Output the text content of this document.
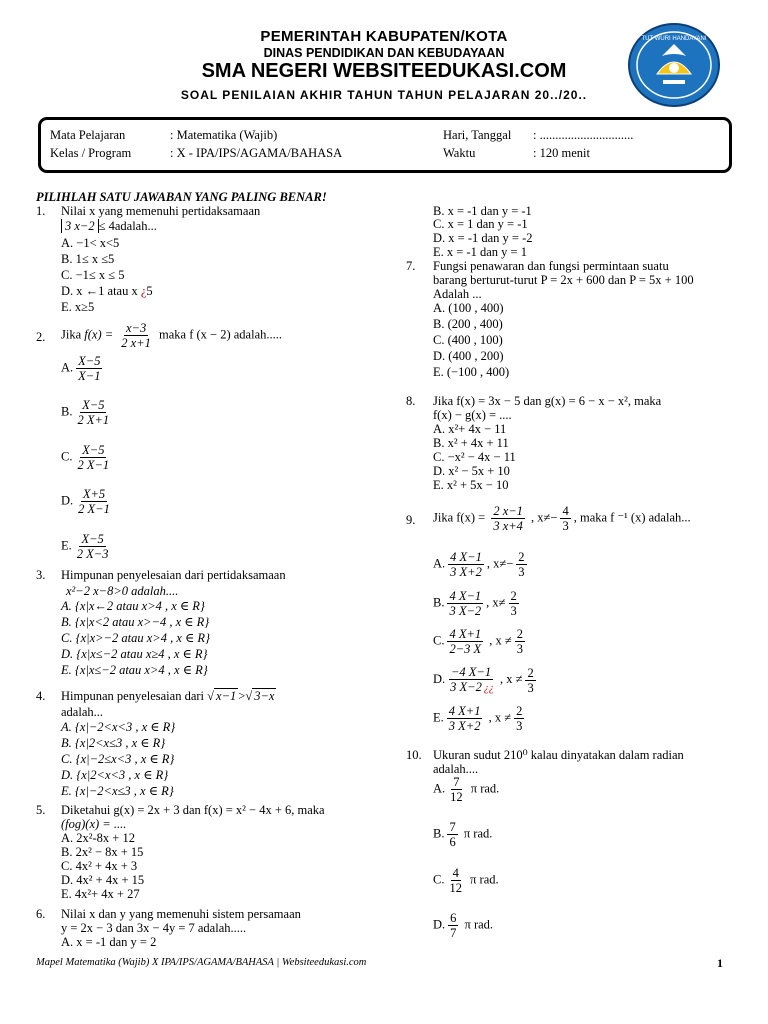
PEMERINTAH KABUPATEN/KOTA
DINAS PENDIDIKAN DAN KEBUDAYAAN
SMA NEGERI WEBSITEEDUKASI.COM
SOAL PENILAIAN AKHIR TAHUN TAHUN PELAJARAN 20../20..
TUT WURI HANDAYANI
Mata Pelajaran	: Matematika (Wajib)
Kelas / Program	: X - IPA/IPS/AGAMA/BAHASA
Hari, Tanggal : ..............................
Waktu	: 120 menit
PILIHLAH SATU JAWABAN YANG PALING BENAR!
1. Nilai x yang memenuhi pertidaksamaan
3 x−2 ≤ 4adalah...
A. −1< x<5
B. 1≤ x ≤5
C. −1≤ x ≤ 5
D. x ←1 atau x ¿5
E. x≥5
2. Jika $f(x) = \frac{x-3}{2 x+1}$ maka f (x − 2) adalah.....
3. Himpunan penyelesaian dari pertidaksamaan
x²−2 x−8>0 adalah....
A. {x|x←2 atau x>4 , x ∈ R}
B. {x|x<2 atau x>−4 , x ∈ R}
C. {x|x>−2 atau x>4 , x ∈ R}
D. {x|x≤−2 atau x≥4 , x ∈ R}
E. {x|x≤−2 atau x>4 , x ∈ R}
4. Himpunan penyelesaian dari √ x−1 >√ 3−x
adalah...
A. {x|−2<x<3 , x ∈ R}
B. {x|2<x≤3 , x ∈ R}
C. {x|−2≤x<3 , x ∈ R}
D. {x|2<x<3 , x ∈ R}
E. {x|−2<x≤3 , x ∈ R}
5. Diketahui g(x) = 2x + 3 dan f(x) = x² − 4x + 6, maka
(fog)(x) = ....
A. 2x²-8x + 12
B. 2x² − 8x + 15
C. 4x² + 4x + 3
D. 4x² + 4x + 15
E. 4x²+ 4x + 27
6. Nilai x dan y yang memenuhi sistem persamaan
y = 2x − 3 dan 3x − 4y = 7 adalah.....
A. x = -1 dan y = 2
B. x = -1 dan y = -1
C. x = 1 dan y = -1
D. x = -1 dan y = -2
E. x = -1 dan y = 1
7. Fungsi penawaran dan fungsi permintaan suatu
barang berturut-turut P = 2x + 600 dan P = 5x + 100
Adalah ...
A. (100 , 400)
B. (200 , 400)
C. (400 , 100)
D. (400 , 200)
E. (−100 , 400)
8. Jika f(x) = 3x − 5 dan g(x) = 6 − x − x², maka
f(x) − g(x) = ....
A. x²+ 4x − 11
B. x² + 4x + 11
C. −x² − 4x − 11
D. x² − 5x + 10
E. x² + 5x − 10
9. Jika $f(x) = \frac{2 x-1}{3 x+4}$ , $x\ne- \frac{4}{3}$ , maka f ⁻¹ (x) adalah...
10. Ukuran sudut 210⁰ kalau dinyatakan dalam radian
adalah....
Mapel Matematika (Wajib) X IPA/IPS/AGAMA/BAHASA | Websiteedukasi.com	1
A. $\frac{X-5}{X-1}$
B. $\frac{X-5}{2 X+1}$
C. $\frac{X-5}{2 X-1}$
D. $\frac{X+5}{2 X-1}$
E. $\frac{X-5}{2 X-3}$
A. $\frac{4 X-1}{3 X+2}$ , $x\ne- \frac{2}{3}$
B. $\frac{4 X-1}{3 X-2}$ , $x\ne \frac{2}{3}$
C. $\frac{4 X+1}{2-3 X}$ , $x \ne \frac{2}{3}$
D. $\frac{-4 X-1}{3 X-2 ¿¿}$ , $x \ne \frac{2}{3}$
E. $\frac{4 X+1}{3 X+2}$ , $x \ne \frac{2}{3}$
A. $\frac{7}{12}$ π rad.
B. $\frac{7}{6}$ π rad.
C. $\frac{4}{12}$ π rad.
D. $\frac{6}{7}$ π rad.
